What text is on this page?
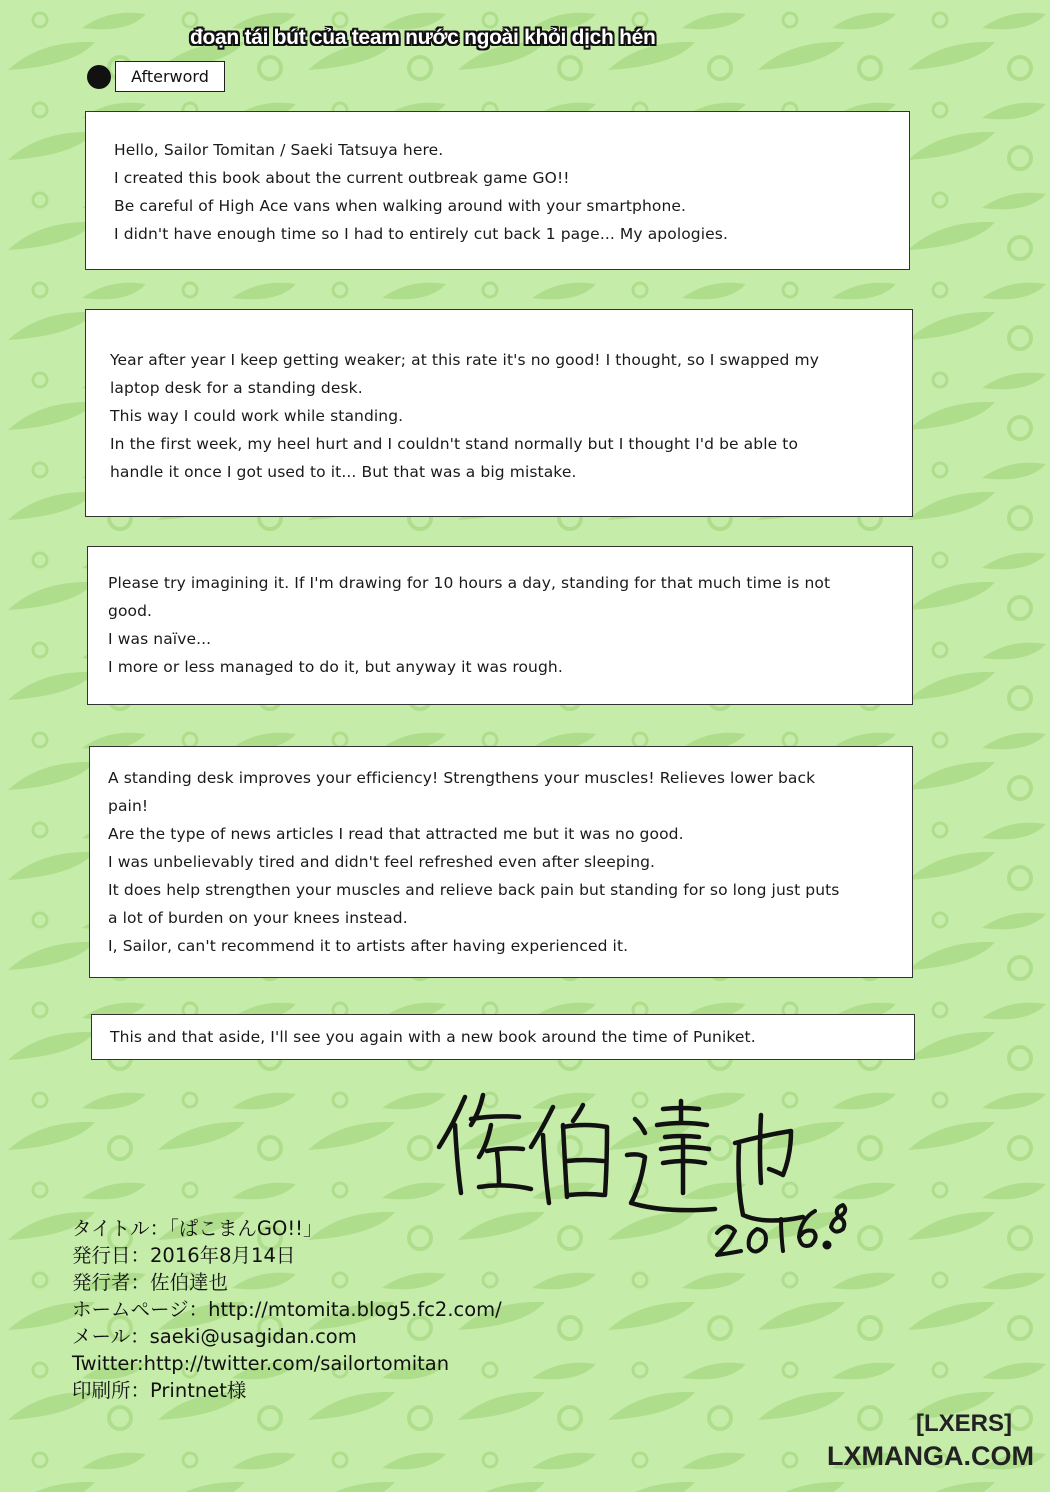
đoạn tái bút của team nước ngoài khỏi dịch hén
Afterword

Hello, Sailor Tomitan / Saeki Tatsuya here.

I created this book about the current outbreak game GO!!

Be careful of High Ace vans when walking around with your smartphone.

I didn't have enough time so I had to entirely cut back 1 page... My apologies.

Year after year I keep getting weaker; at this rate it's no good! I thought, so I swapped my

laptop desk for a standing desk.

This way I could work while standing.

In the first week, my heel hurt and I couldn't stand normally but I thought I'd be able to

handle it once I got used to it... But that was a big mistake.

Please try imagining it. If I'm drawing for 10 hours a day, standing for that much time is not

good.

I was naïve...

I more or less managed to do it, but anyway it was rough.

A standing desk improves your efficiency! Strengthens your muscles! Relieves lower back

pain!

Are the type of news articles I read that attracted me but it was no good.

I was unbelievably tired and didn't feel refreshed even after sleeping.

It does help strengthen your muscles and relieve back pain but standing for so long just puts

a lot of burden on your knees instead.

I, Sailor, can't recommend it to artists after having experienced it.

This and that aside, I'll see you again with a new book around the time of Puniket.

タイトル：「ぱこまんGO!!」
発行日：2016年8月14日
発行者：佐伯達也
ホームページ：http://mtomita.blog5.fc2.com/
メール：saeki@usagidan.com
Twitter:http://twitter.com/sailortomitan
印刷所：Printnet様
[LXERS]
LXMANGA.COM
